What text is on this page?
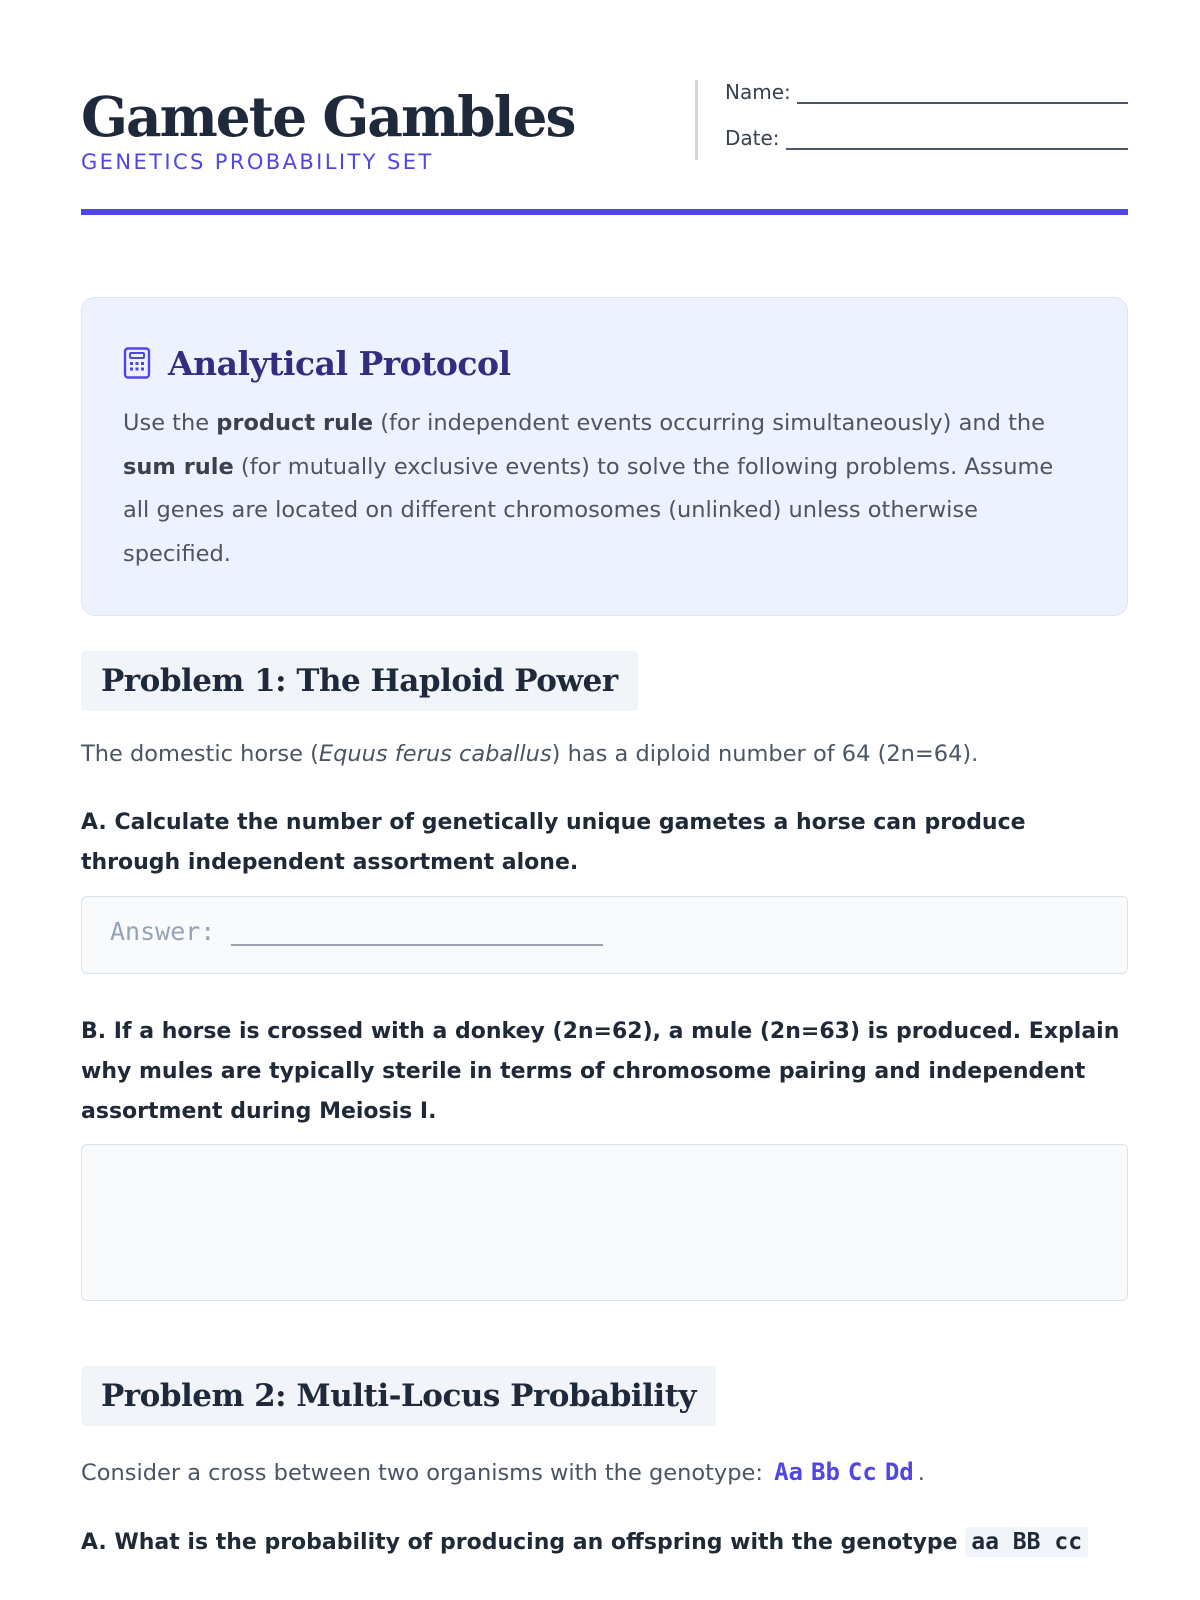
Gamete Gambles
GENETICS PROBABILITY SET
Name:
Date:
Analytical Protocol

Use the product rule (for independent events occurring simultaneously) and the sum rule (for mutually exclusive events) to solve the following problems. Assume all genes are located on different chromosomes (unlinked) unless otherwise specified.

Problem 1: The Haploid Power

The domestic horse (Equus ferus caballus) has a diploid number of 64 (2n=64).

A. Calculate the number of genetically unique gametes a horse can produce through independent assortment alone.

Answer:

B. If a horse is crossed with a donkey (2n=62), a mule (2n=63) is produced. Explain why mules are typically sterile in terms of chromosome pairing and independent assortment during Meiosis I.

Problem 2: Multi-Locus Probability

Consider a cross between two organisms with the genotype: Aa Bb Cc Dd .

A. What is the probability of producing an offspring with the genotype aa BB cc
